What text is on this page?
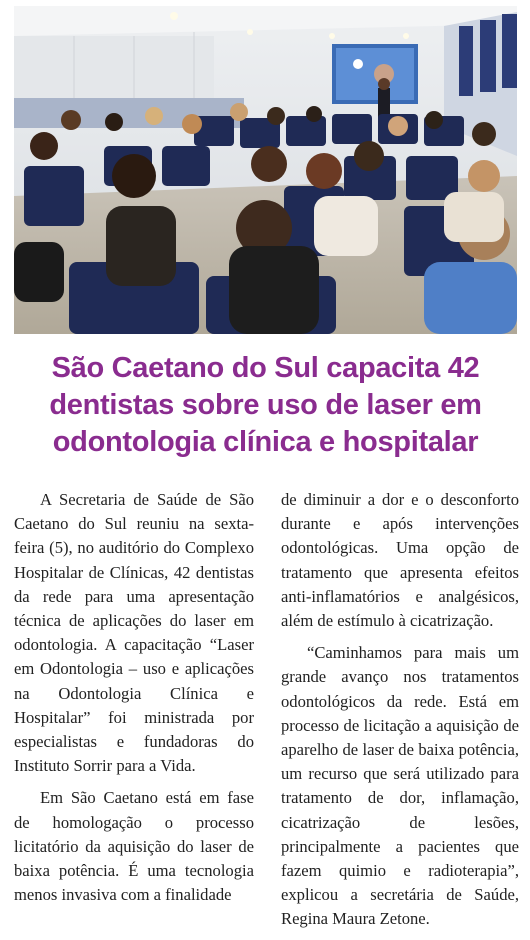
São Caetano do Sul capacita 42 dentistas sobre uso de laser em odontologia clínica e hospitalar

A Secretaria de Saúde de São Caetano do Sul reuniu na sexta-feira (5), no auditório do Complexo Hospitalar de Clínicas, 42 dentistas da rede para uma apresentação técnica de aplicações do laser em odontologia. A capacitação “Laser em Odontologia – uso e aplicações na Odontologia Clínica e Hospitalar” foi ministrada por especialistas e fundadoras do Instituto Sorrir para a Vida.

Em São Caetano está em fase de homologação o processo licitatório da aquisição do laser de baixa potência. É uma tecnologia menos invasiva com a finalidade

de diminuir a dor e o desconforto durante e após intervenções odontológicas. Uma opção de tratamento que apresenta efeitos anti-inflamatórios e analgésicos, além de estímulo à cicatrização.

“Caminhamos para mais um grande avanço nos tratamentos odontológicos da rede. Está em processo de licitação a aquisição de aparelho de laser de baixa potência, um recurso que será utilizado para tratamento de dor, inflamação, cicatrização de lesões, principalmente a pacientes que fazem quimio e radioterapia”, explicou a secretária de Saúde, Regina Maura Zetone.
